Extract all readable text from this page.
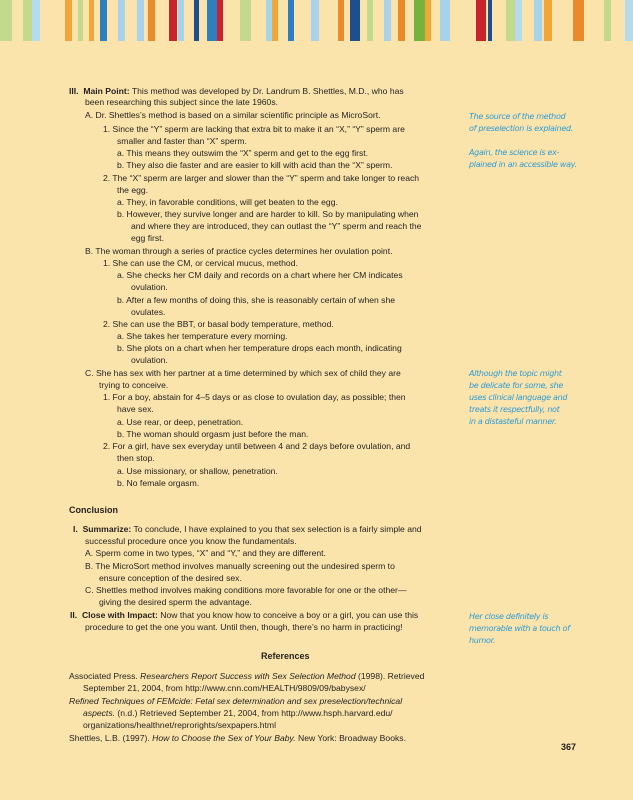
III. Main Point: This method was developed by Dr. Landrum B. Shettles, M.D., who has
been researching this subject since the late 1960s.
A. Dr. Shettles’s method is based on a similar scientific principle as MicroSort.
1. Since the “Y” sperm are lacking that extra bit to make it an “X,” “Y” sperm are
smaller and faster than “X” sperm.
a. This means they outswim the “X” sperm and get to the egg first.
b. They also die faster and are easier to kill with acid than the “X” sperm.
2. The “X” sperm are larger and slower than the “Y” sperm and take longer to reach
the egg.
a. They, in favorable conditions, will get beaten to the egg.
b. However, they survive longer and are harder to kill. So by manipulating when
and where they are introduced, they can outlast the “Y” sperm and reach the
egg first.
B. The woman through a series of practice cycles determines her ovulation point.
1. She can use the CM, or cervical mucus, method.
a. She checks her CM daily and records on a chart where her CM indicates
ovulation.
b. After a few months of doing this, she is reasonably certain of when she
ovulates.
2. She can use the BBT, or basal body temperature, method.
a. She takes her temperature every morning.
b. She plots on a chart when her temperature drops each month, indicating
ovulation.
C. She has sex with her partner at a time determined by which sex of child they are
trying to conceive.
1. For a boy, abstain for 4–5 days or as close to ovulation day, as possible; then
have sex.
a. Use rear, or deep, penetration.
b. The woman should orgasm just before the man.
2. For a girl, have sex everyday until between 4 and 2 days before ovulation, and
then stop.
a. Use missionary, or shallow, penetration.
b. No female orgasm.
Conclusion
I. Summarize: To conclude, I have explained to you that sex selection is a fairly simple and
successful procedure once you know the fundamentals.
A. Sperm come in two types, “X” and “Y,” and they are different.
B. The MicroSort method involves manually screening out the undesired sperm to
ensure conception of the desired sex.
C. Shettles method involves making conditions more favorable for one or the other—
giving the desired sperm the advantage.
II. Close with Impact: Now that you know how to conceive a boy or a girl, you can use this
procedure to get the one you want. Until then, though, there’s no harm in practicing!
References
Associated Press. Researchers Report Success with Sex Selection Method (1998). Retrieved
September 21, 2004, from http://www.cnn.com/HEALTH/9809/09/babysex/
Refined Techniques of FEMcide: Fetal sex determination and sex preselection/technical
aspects. (n.d.) Retrieved September 21, 2004, from http://www.hsph.harvard.edu/
organizations/healthnet/reprorights/sexpapers.html
Shettles, L.B. (1997). How to Choose the Sex of Your Baby. New York: Broadway Books.
367
The source of the method
of preselection is explained.
Again, the science is ex-
plained in an accessible way.
Although the topic might
be delicate for some, she
uses clinical language and
treats it respectfully, not
in a distasteful manner.
Her close definitely is
memorable with a touch of
humor.
